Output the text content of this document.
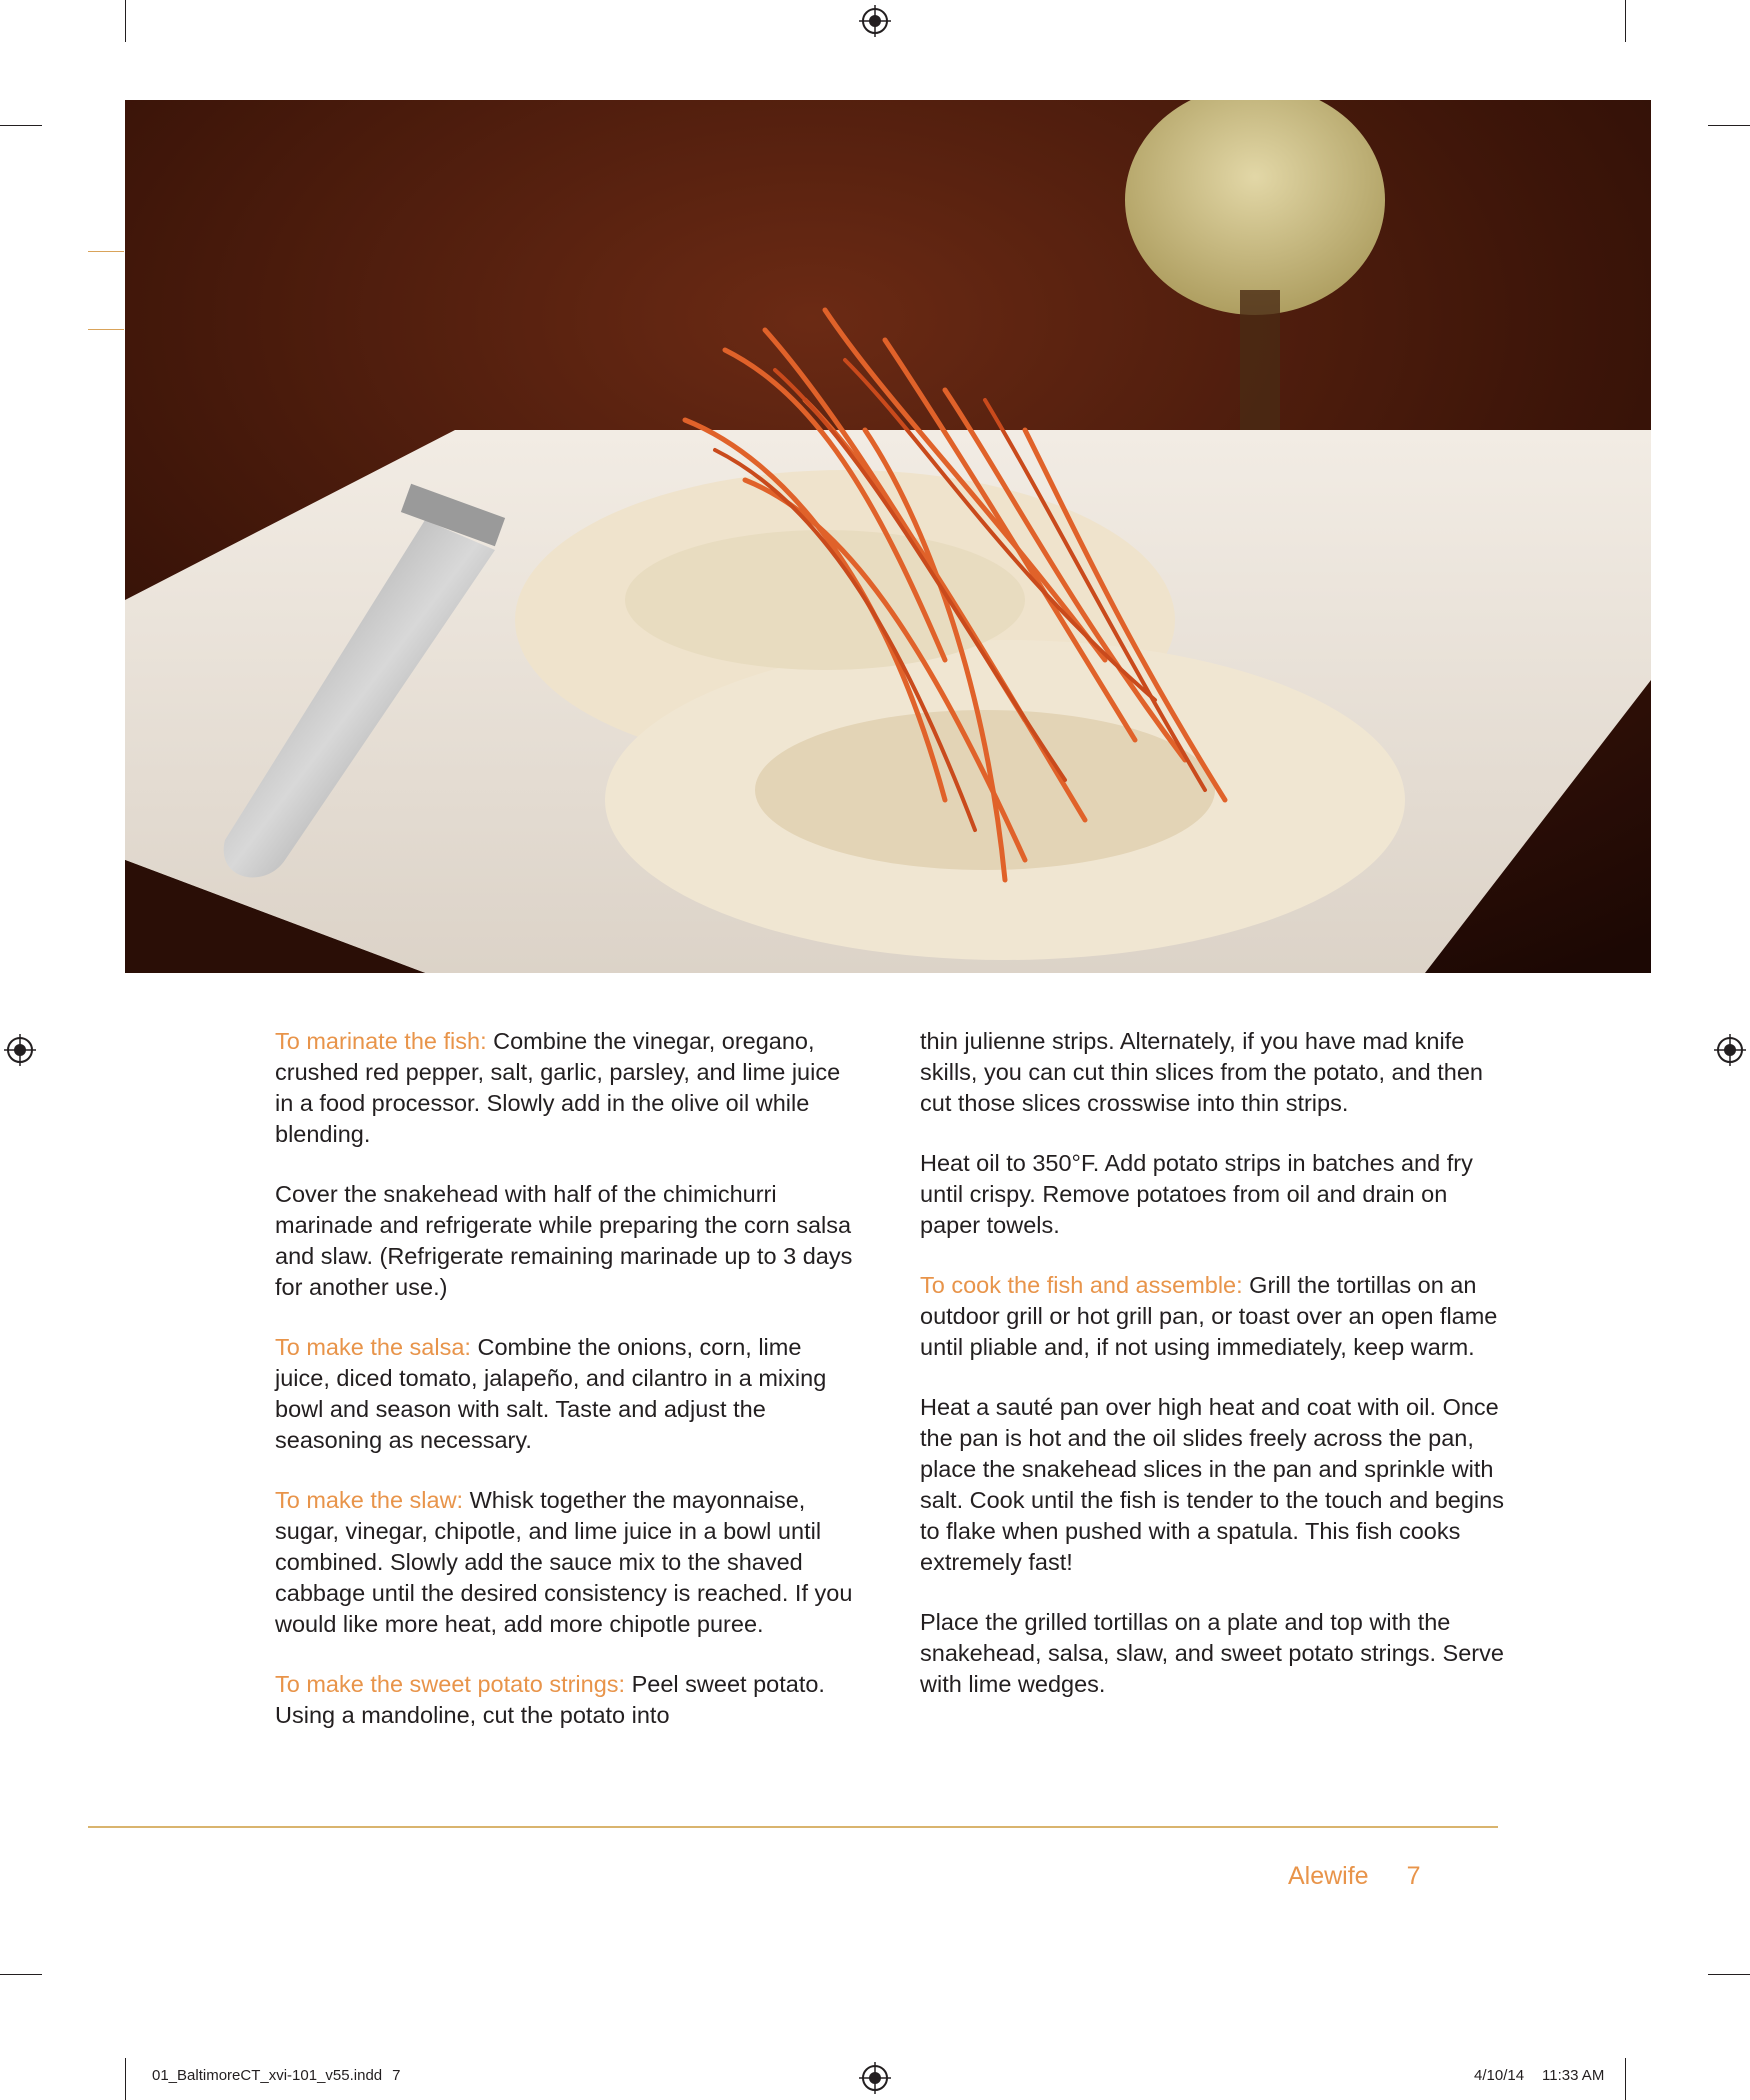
To marinate the fish: Combine the vinegar, oregano, crushed red pepper, salt, garlic, parsley, and lime juice in a food processor. Slowly add in the olive oil while blending.

Cover the snakehead with half of the chimichurri marinade and refrigerate while preparing the corn salsa and slaw. (Refrigerate remaining marinade up to 3 days for another use.)

To make the salsa: Combine the onions, corn, lime juice, diced tomato, jalapeño, and cilantro in a mixing bowl and season with salt. Taste and adjust the seasoning as necessary.

To make the slaw: Whisk together the mayonnaise, sugar, vinegar, chipotle, and lime juice in a bowl until combined. Slowly add the sauce mix to the shaved cabbage until the desired consistency is reached. If you would like more heat, add more chipotle puree.

To make the sweet potato strings: Peel sweet potato. Using a mandoline, cut the potato into

thin julienne strips. Alternately, if you have mad knife skills, you can cut thin slices from the potato, and then cut those slices crosswise into thin strips.

Heat oil to 350°F. Add potato strips in batches and fry until crispy. Remove potatoes from oil and drain on paper towels.

To cook the fish and assemble: Grill the tortillas on an outdoor grill or hot grill pan, or toast over an open flame until pliable and, if not using immediately, keep warm.

Heat a sauté pan over high heat and coat with oil. Once the pan is hot and the oil slides freely across the pan, place the snakehead slices in the pan and sprinkle with salt. Cook until the fish is tender to the touch and begins to flake when pushed with a spatula. This fish cooks extremely fast!

Place the grilled tortillas on a plate and top with the snakehead, salsa, slaw, and sweet potato strings. Serve with lime wedges.

Alewife 7
01_BaltimoreCT_xvi-101_v55.indd 7	4/10/14 11:33 AM
